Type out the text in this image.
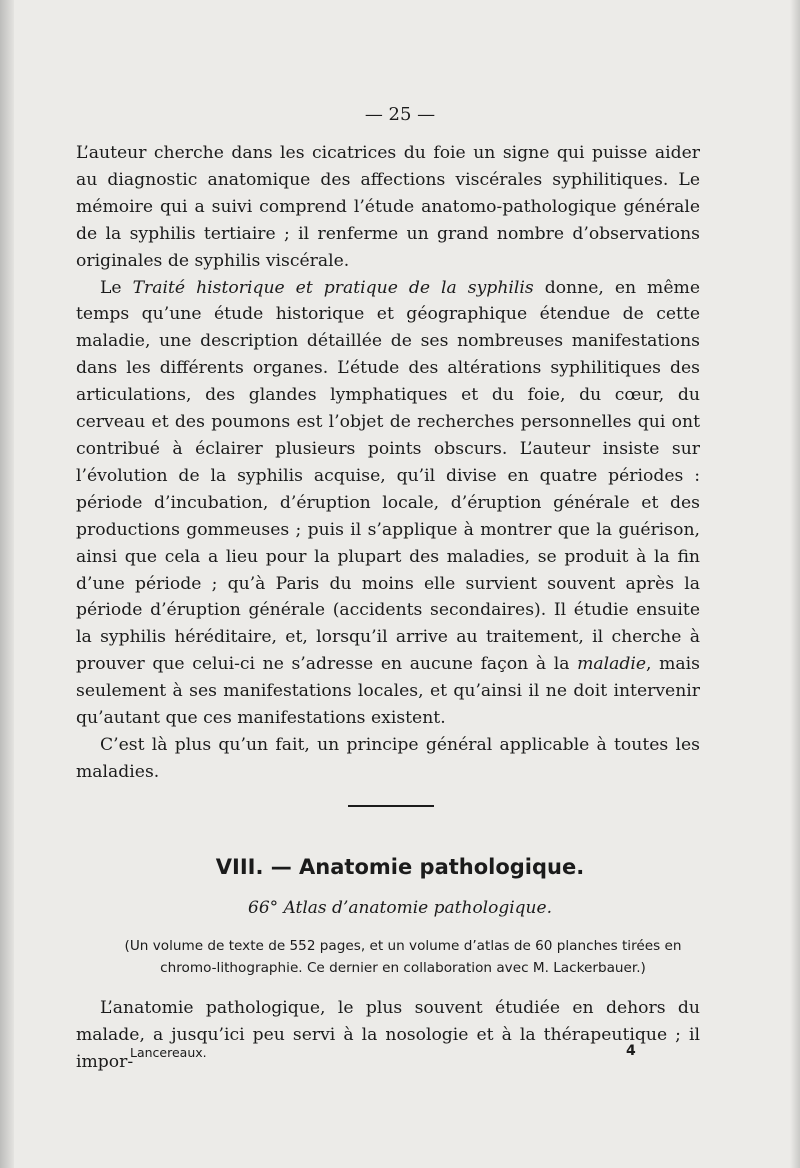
— 25 —

L’auteur cherche dans les cicatrices du foie un signe qui puisse aider au diagnostic anatomique des affections viscérales syphilitiques. Le mémoire qui a suivi comprend l’étude anatomo-pathologique générale de la syphilis tertiaire ; il renferme un grand nombre d’observations originales de syphilis viscérale.

Le Traité historique et pratique de la syphilis donne, en même temps qu’une étude historique et géographique étendue de cette maladie, une description détaillée de ses nombreuses manifestations dans les différents organes. L’étude des altérations syphilitiques des articulations, des glandes lymphatiques et du foie, du cœur, du cerveau et des poumons est l’objet de recherches personnelles qui ont contribué à éclairer plusieurs points obscurs. L’auteur insiste sur l’évolution de la syphilis acquise, qu’il divise en quatre périodes : période d’incubation, d’éruption locale, d’éruption générale et des productions gommeuses ; puis il s’applique à montrer que la guérison, ainsi que cela a lieu pour la plupart des maladies, se produit à la fin d’une période ; qu’à Paris du moins elle survient souvent après la période d’éruption générale (accidents secondaires). Il étudie ensuite la syphilis héréditaire, et, lorsqu’il arrive au traitement, il cherche à prouver que celui-ci ne s’adresse en aucune façon à la maladie, mais seulement à ses manifestations locales, et qu’ainsi il ne doit intervenir qu’autant que ces manifestations existent.

C’est là plus qu’un fait, un principe général applicable à toutes les maladies.

VIII. — Anatomie pathologique.
66° Atlas d’anatomie pathologique.
(Un volume de texte de 552 pages, et un volume d’atlas de 60 planches tirées en chromo-lithographie. Ce dernier en collaboration avec M. Lackerbauer.)

L’anatomie pathologique, le plus souvent étudiée en dehors du malade, a jusqu’ici peu servi à la nosologie et à la thérapeutique ; il impor-

Lancereaux.	4
